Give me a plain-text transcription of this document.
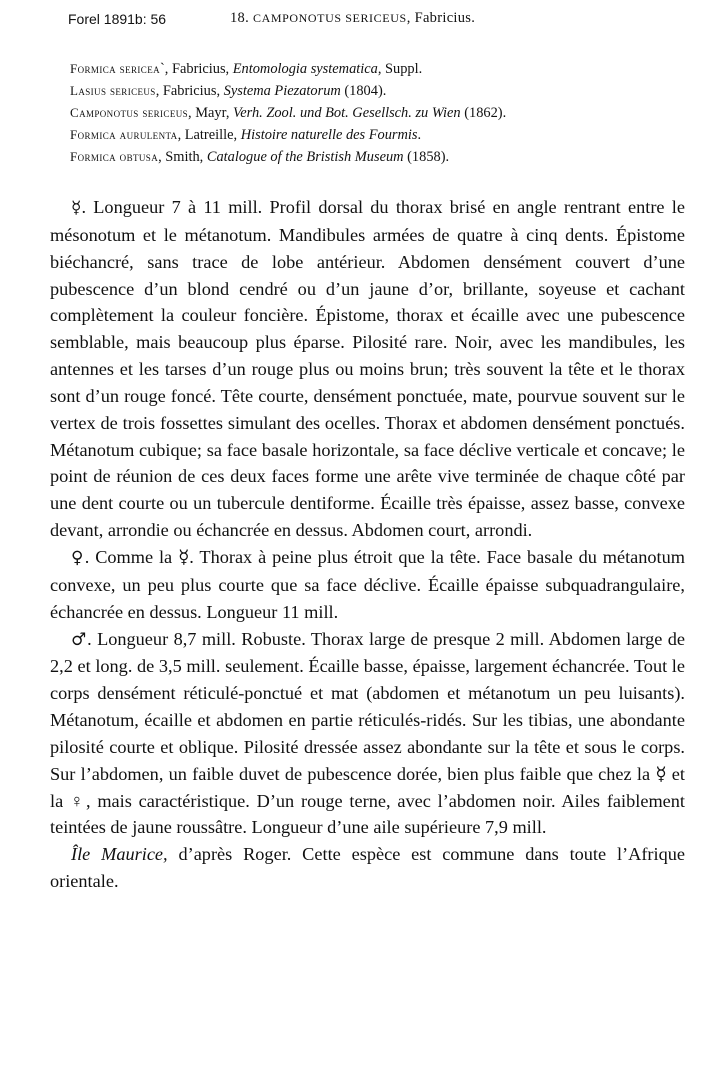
Forel 1891b: 56	18. CAMPONOTUS SERICEUS, Fabricius.
Formica sericea`, Fabricius, Entomologia systematica, Suppl.
Lasius sericeus, Fabricius, Systema Piezatorum (1804).
Camponotus sericeus, Mayr, Verh. Zool. und Bot. Gesellsch. zu Wien (1862).
Formica aurulenta, Latreille, Histoire naturelle des Fourmis.
Formica obtusa, Smith, Catalogue of the Bristish Museum (1858).

☿. Longueur 7 à 11 mill. Profil dorsal du thorax brisé en angle rentrant entre le mésonotum et le métanotum. Mandibules armées de quatre à cinq dents. Épistome biéchancré, sans trace de lobe antérieur. Abdomen densément couvert d’une pubescence d’un blond cendré ou d’un jaune d’or, brillante, soyeuse et cachant complètement la couleur foncière. Épistome, thorax et écaille avec une pubescence semblable, mais beaucoup plus éparse. Pilosité rare. Noir, avec les mandibules, les antennes et les tarses d’un rouge plus ou moins brun; très souvent la tête et le thorax sont d’un rouge foncé. Tête courte, densément ponctuée, mate, pourvue souvent sur le vertex de trois fossettes simulant des ocelles. Thorax et abdomen densément ponctués. Métanotum cubique; sa face basale horizontale, sa face déclive verticale et concave; le point de réunion de ces deux faces forme une arête vive terminée de chaque côté par une dent courte ou un tubercule dentiforme. Écaille très épaisse, assez basse, convexe devant, arrondie ou échancrée en dessus. Abdomen court, arrondi.

♀. Comme la ☿. Thorax à peine plus étroit que la tête. Face basale du métanotum convexe, un peu plus courte que sa face déclive. Écaille épaisse subquadrangulaire, échancrée en dessus. Longueur 11 mill.

♂. Longueur 8,7 mill. Robuste. Thorax large de presque 2 mill. Abdomen large de 2,2 et long. de 3,5 mill. seulement. Écaille basse, épaisse, largement échancrée. Tout le corps densément réticulé-ponctué et mat (abdomen et métanotum un peu luisants). Métanotum, écaille et abdomen en partie réticulés-ridés. Sur les tibias, une abondante pilosité courte et oblique. Pilosité dressée assez abondante sur la tête et sous le corps. Sur l’abdomen, un faible duvet de pubescence dorée, bien plus faible que chez la ☿ et la ♀, mais caractéristique. D’un rouge terne, avec l’abdomen noir. Ailes faiblement teintées de jaune roussâtre. Longueur d’une aile supérieure 7,9 mill.

Île Maurice, d’après Roger. Cette espèce est commune dans toute l’Afrique orientale.
